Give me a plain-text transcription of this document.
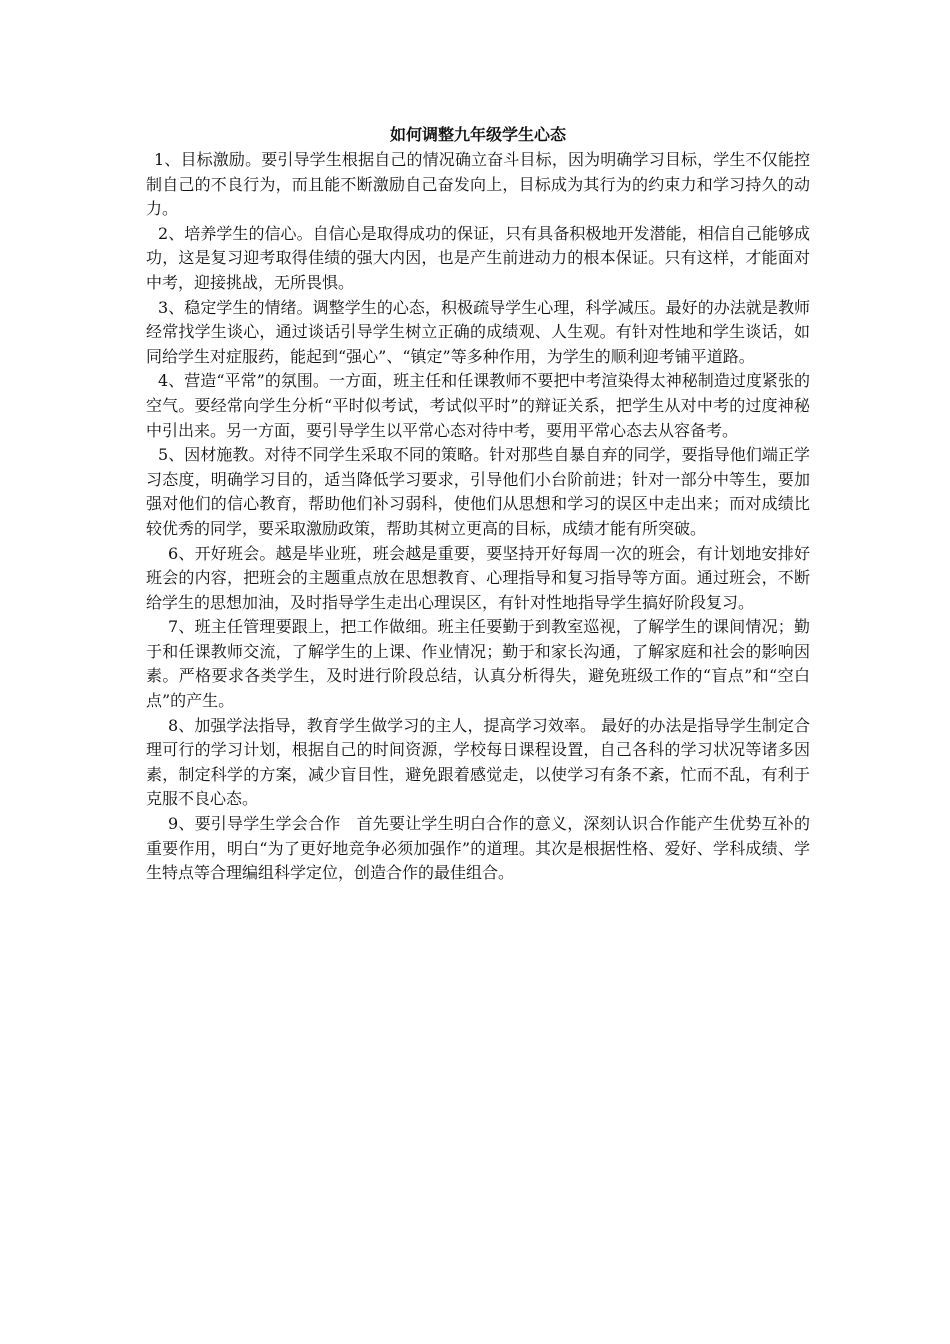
如何调整九年级学生心态

1、目标激励。要引导学生根据自己的情况确立奋斗目标，因为明确学习目标，学生不仅能控制自己的不良行为，而且能不断激励自己奋发向上，目标成为其行为的约束力和学习持久的动力。

2、培养学生的信心。自信心是取得成功的保证，只有具备积极地开发潜能，相信自己能够成功，这是复习迎考取得佳绩的强大内因，也是产生前进动力的根本保证。只有这样，才能面对中考，迎接挑战，无所畏惧。

3、稳定学生的情绪。调整学生的心态，积极疏导学生心理，科学减压。最好的办法就是教师经常找学生谈心，通过谈话引导学生树立正确的成绩观、人生观。有针对性地和学生谈话，如同给学生对症服药，能起到“强心”、“镇定”等多种作用，为学生的顺利迎考铺平道路。

4、营造“平常”的氛围。一方面，班主任和任课教师不要把中考渲染得太神秘制造过度紧张的空气。要经常向学生分析“平时似考试，考试似平时”的辩证关系，把学生从对中考的过度神秘中引出来。另一方面，要引导学生以平常心态对待中考，要用平常心态去从容备考。

5、因材施教。对待不同学生采取不同的策略。针对那些自暴自弃的同学，要指导他们端正学习态度，明确学习目的，适当降低学习要求，引导他们小台阶前进；针对一部分中等生，要加强对他们的信心教育，帮助他们补习弱科，使他们从思想和学习的误区中走出来；而对成绩比较优秀的同学，要采取激励政策，帮助其树立更高的目标，成绩才能有所突破。

6、开好班会。越是毕业班，班会越是重要，要坚持开好每周一次的班会，有计划地安排好班会的内容，把班会的主题重点放在思想教育、心理指导和复习指导等方面。通过班会，不断给学生的思想加油，及时指导学生走出心理误区，有针对性地指导学生搞好阶段复习。

7、班主任管理要跟上，把工作做细。班主任要勤于到教室巡视，了解学生的课间情况；勤于和任课教师交流，了解学生的上课、作业情况；勤于和家长沟通，了解家庭和社会的影响因素。严格要求各类学生，及时进行阶段总结，认真分析得失，避免班级工作的“盲点”和“空白点”的产生。

8、加强学法指导，教育学生做学习的主人，提高学习效率。 最好的办法是指导学生制定合理可行的学习计划，根据自己的时间资源，学校每日课程设置，自己各科的学习状况等诸多因素，制定科学的方案，减少盲目性，避免跟着感觉走，以使学习有条不紊，忙而不乱，有利于克服不良心态。

9、要引导学生学会合作　首先要让学生明白合作的意义，深刻认识合作能产生优势互补的重要作用，明白“为了更好地竞争必须加强作”的道理。其次是根据性格、爱好、学科成绩、学生特点等合理编组科学定位，创造合作的最佳组合。
